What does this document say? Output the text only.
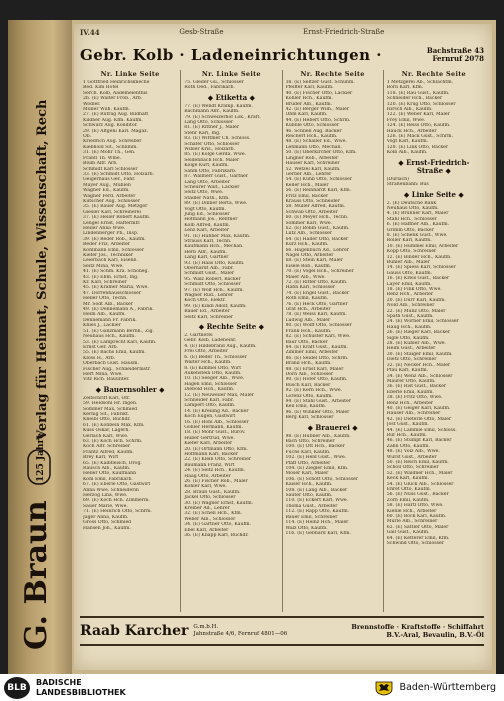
G. Braun
125 Jahre
Verlag für Heimat, Schule, Wissenschaft, Recht, Wirtschaft	IV.44	Gesb-Straße	Ernst-Friedrich-Straße
Gebr. Kolb · Ladeneinrichtungen ·	Bachstraße 43
Fernruf 2078
Nr. Linke Seite
1 Gottfried Heinrichskneche
Bed. Kim Hotel
Serch. Kolb, Aademeienthis
2b. (E) Walter Fröb., Arb.
Wodler.
Müller Wilh. Kaufm.
27. (E) Rufrag Aug. Bildhaft
Kildner Aug. Kfm. Kaufm.
Schwarz Aug. Konditor.
29. (E) Altgeni Karl. Magaz.
Ob.
Kriedrich Aug. Schreiber
Kiebhold Sit., Schlimm.
31. (E) Mohr Th., Gen.
Frantl Th. Wme.
Blum Alfr. Arb.
Schmidt Karl Schlosser
33. (E) Schmidt Otto, Holzarb.
Geigerhaus Ger., Fahr.
Mayer Aug., Mühlen
Wagner Ed., Kaufm.
Wagner Ferd. Arbeiter
Kutscher Aug. Schlosser
35. (E) Bauer Aug. Metzger
Giesler Karl, Schreinerei
37. (E) Heiler Robert Kaufm.
Lengel Ernst, Haftermfr.
Heiler Anna Wwe.
Lindenberger Ph., Insp.
39. (E) Beder Rob., Kaufm.
Beder Friz, Arbeiter
Kohlmann Emil, Schlosser
Kiefer Jos., Techniker
Leierbach Karl, Eisenb.
Seitz Mina, Wwe.
41. (E) Schm. Kra. Schöneg.
43. (E) Ehm. Ernst, Ing.
Kr. Karl, Schreiner
45. (E) Krämer Maria, Wwe.
47. Dörrenhausschlosser
Heller Otto, Techn.
Mr. Sodt Alb., Bäcker
49. (E) Dennemann A., Fabrik.
Heim Alb., Kaufm.
Dennemann Fr. Fabrik.
Knies J., Lackier
51. (E) Ganzmann Bernh., Zig.
Neuhaus Hch., Kaufm.
53. (E) Lamprecht Karl, Kaufm.
Ernst Ger. Arb.
55. (E) Bachs Emil, Kaufm.
Kloss H., Arb.
Oberbach Gust. Hausm.
Fischer Aug., Schneidermstr.
Hert Mina, Wwe.
Vitz Rich. Bauunter.
◆ Bauernsohler ◆
Zeitschrift Karl, Ofr.
59. Heldsohl Hr. Ingen.
Sommer Max, Schmied
Kernig Sit., Fabrikt.
Kneibl Otto, Buchdr.
61. (E) Kohbein Max, Kfm.
Kuss Oskar, Lagerh.
Gerlach Karl, Wwe.
63. (E) Koch Hch. Schrm.
Koch Alfr. Schreiner
Frantz Alfred, Kaufm.
Brey Karl, Wirt
65. (E) Kalbfleisch, Drog.
Rausch Alb., Kaufm.
Heller Otto, Kaufmann
Kohl Emil, Fabrikarb.
67. (E) Eberle Otto, Gastwirt
Anna Wwe. Schneiderin
Herzog Lina, Wwe.
69. (E) Koch Hch. Zimmerm.
Sauer Marie, Wwe.
71. (E) Heinrich Otto, Schrm.
Jäger Anna, Kaufm.
Gross Otto, Schmied
Hansen Joh., Kaufm.
Nr. Linke Seite
75. Gleder Gu., Schlosser
Roth Oed., Fabrikarb.
◆ Etiketta ◆
77. (E) Wendt Kramp. Kaufm.
Bachmann Alfr., Kaufm.
79. (E) Schweizerhof Lok., Kraft.
Lang Otto, Schlosser
81. (E) Rittner J., Maler
Stehr Karl, Ing.
83. (E) Wittmer Ch. Schloss.
Schäfer Otto, Schlosser
Wibler Kris., Holzarb.
85. (E) Kölge Gerda, Wwe.
Seidenbach Hch. Maler
Kölge Kurt, Kaufm.
Sahm Otto, Fabrikarb.
87. Wallherr Gust., Gärtner
Lang Otto, Arbeiter
Scheurer Walt., Lackier
Seitz Otto, Wwe.
Stadler Nath., Kfm.
89. (E) Dinner Berta, Wwe.
Vogt Otto, Kaufm.
Jung Ed., Schlosser
Hofmann Jos., Rentner
Kolb Alfred, Kaufm.
Lenz Karl, Arbeiter
91. (E) Hühner Max, Kaufm.
Strauss Karl, Techn.
Kaufmann Hch., Mechan.
Herb Alfr., Kaufm.
Lang Karl, Gärtner
93. (E) Haas Otto, Kaufm.
Oberhardt Alb., Fabr.
Schmidt Gust., Maler
95. Walz Robert, Bäcker
Schmidt Otto, Schlosser
97. (E) Wolf Hch., Kaufm.
Wagner Rud., Lehrer
Koch Otto, Elektr.
99. (E) Kindl Adolf, Kaufm.
Bauer Ed., Arbeiter
Seitz Karl, Schreiner
◆ Rechte Seite ◆
2. Gärtnerei
Gebr. Kolb, Ladeneinr.
4. (E) Hildebrand Aug., Kaufm.
Frei Otto, Arbeiter
6. (E) Beder Th., Schlosser
Walter Hch., Kaufm.
8. (E) Kimmel Otto, Wirt
Aukenstein Otto, Kaufm.
10. (E) Seeger Alb., Wwe.
Hagen Emil, Schlosser
Diebold Hch., Kaufm.
12. (E) Neuweiler Max, Maler
Schneider Karl, Fabr.
Lampert Otto, Kaufm.
14. (E) Kreiling Ad., Bäcker
Koch Eugen, Gastwirt
16. (E) Hohl Alb., Schlosser
Göhler Hermann, Kaufm.
18. (E) Mohr Gust., Bürov.
Huber Gertrud, Wwe.
Kiefer Karl, Arbeiter
20. (E) Ortmann Otto, Kfm.
Hoffmann Karl, Bäcker
22. (E) Klein Otto, Schreiner
Baumann Franz, Wirt
24. (E) Seitz Hch., Kaufm.
Haag Otto, Arbeiter
26. (E) Fischer Rob., Maler
Kohler Karl, Wwe.
28. Braun Gust., Kaufm.
Jäckel Otto, Schlosser
30. (E) Wagner Ernst, Kaufm.
Kremer Ad., Lehrer
32. (E) Schell Hch., Kfm.
Weber Alb., Schlosser
34. (E) Gärtner Otto, Kaufm.
Ebel Karl, Arbeiter
36. (E) Knapp Karl, Buchdr.
Nr. Rechte Seite
38. (E) Seltzer Gust. Schuhm.
Pfeiffer Karl, Kaufm.
40. (E) Fischer Otto, Lackier
Köhler Hch., Kaufm.
Bruder Alb., Kaufm.
42. (E) Berger Wilh., Maler
Ohm Karl, Kaufm.
44. (E) Hebert Otto, Schrm.
Kühnle Otto, Schlosser
46. Schnell Aug. Bäcker
Reichert Hch., Kaufm.
48. (E) Schaller Ed., Wwe.
Lehmann Otto, Mechan.
50. (E) Oberkircher Otto, Kfm.
Lingner Rob., Arbeiter
Hauser Karl, Schreiner
52. Wetzel Karl, Kaufm.
Gerber Alb., Lehrer
54. (E) Kuhn Otto, Schlosser
Keller Hch., Maler
56. (E) Reinhardt Karl, Kfm.
Fritz Emil, Bäcker
Krauss Otto, Schneider
58. Müller Alfred, Kaufm.
Schwab Otto, Arbeiter
60. (E) Meyer Hch., Techn.
Sommer Karl, Wwe.
62. (E) Böhm Gust., Kaufm.
Lutz Alb., Schlosser
64. (E) Haller Otto, Bäcker
Kurz Hch., Kaufm.
66. Hagenbuch Ad., Lehrer
Nagel Otto, Arbeiter
68. (E) Stein Karl, Maler
Eisele Rob., Kaufm.
70. (E) Vogel Hch., Schreiner
Maier Alb., Wwe.
72. (E) Ritter Otto, Kaufm.
Hahn Karl, Schlosser
74. (E) Engel Gust., Bäcker
Roth Emil, Kaufm.
76. (E) Heck Otto, Gärtner
Graf Hch., Arbeiter
78. (E) Weiss Karl, Kaufm.
Ludwig Alb., Maler
80. (E) Wolff Otto, Schlosser
Frank Hch., Kaufm.
82. (E) Schuster Karl, Wwe.
Baur Otto, Bäcker
84. (E) Kraft Gust., Kaufm.
Zimmer Emil, Arbeiter
86. (E) Seidel Otto, Schrm.
Brand Hch., Kaufm.
88. (E) Ernst Karl, Maler
Dorn Alb., Schlosser
90. (E) Hofer Otto, Kaufm.
Busch Karl, Bäcker
92. (E) Kern Hch., Wwe.
Lorenz Otto, Kaufm.
94. (E) Stahl Gust., Arbeiter
Keil Emil, Kaufm.
96. (E) Winkler Otto, Maler
Berg Karl, Schlosser
◆ Brauerei ◆
98. (E) Hübner Alb., Kaufm.
Bach Otto, Schreiner
100. (E) Ott Hch., Bäcker
Fuchs Karl, Kaufm.
102. (E) Held Gust., Wwe.
Pfaff Otto, Arbeiter
104. (E) Ziegler Emil, Kfm.
Moser Karl, Maler
106. (E) Schott Otto, Schlosser
Kaiser Hch., Kaufm.
108. (E) Lang Alb., Bäcker
Sauter Otto, Kaufm.
110. (E) Eckert Karl, Wwe.
Thoma Gust., Arbeiter
112. (E) Rapp Otto, Kaufm.
Bauer Emil, Schreiner
114. (E) Heinz Hch., Maler
Walz Otto, Kaufm.
116. (E) Gebhard Karl, Kfm.
Nr. Rechte Seite
1 Metzgerei Ab., Schlachtm.
Born Karl, Kfm.
118. (E) Rau Gust., Kaufm.
Schneider Hch., Bäcker
120. (E) Krug Otto, Schlosser
Hirsch Alb., Kaufm.
122. (E) Weber Karl, Maler
Frey Emil, Wwe.
124. (E) Reiss Otto, Kaufm.
Hauck Hch., Arbeiter
126. (E) Mack Gust., Schrm.
Vogt Karl, Kaufm.
128. (E) Link Otto, Bäcker
Kolb Alb., Kaufm.
◆ Ernst-Friedrich-Straße ◆
(Durlach)
Straßenbahn: Bus
◆ Linke Seite ◆
2. (E) Deutsche Bank
Neuhaus Otto, Kaufm.
4. (E) Brunner Karl, Maler
Stahl Hch., Schlosser
6. (E) Haffner Alb., Kaufm.
Grimm Otto, Bäcker
8. (E) Schenk Gust., Wwe.
Roller Karl, Kaufm.
10. (E) Hummel Emil, Arbeiter
Kopp Otto, Schreiner
12. (E) Binder Hch., Kaufm.
Bühler Alb., Maler
14. (E) Spiess Karl, Schlosser
Gauss Otto, Kaufm.
16. (E) Kreis Gust., Bäcker
Layer Emil, Kaufm.
18. (E) Fink Otto, Wwe.
Renz Hch., Arbeiter
20. (E) Dürr Karl, Kaufm.
Nold Alb., Schreiner
22. (E) Munz Otto, Maler
Späth Gust., Kaufm.
24. (E) Wörner Emil, Schlosser
Haug Hch., Kaufm.
26. (E) Rieger Karl, Bäcker
Sigle Otto, Kaufm.
28. (E) Kübler Alb., Wwe.
Heim Gust., Arbeiter
30. (E) Staiger Emil, Kaufm.
Dietz Otto, Schreiner
32. (E) Necker Hch., Maler
Pfau Karl, Kaufm.
34. (E) Wenz Alb., Schlosser
Maurer Otto, Kaufm.
36. (E) Rist Gust., Bäcker
Eberle Emil, Kaufm.
38. (E) Fritz Otto, Wwe.
Benz Hch., Arbeiter
40. (E) Geiger Karl, Kaufm.
Hauser Alb., Schreiner
42. (E) Dieterle Otto, Maler
Jost Gust., Kaufm.
44. (E) Lämmle Emil, Schloss.
Ruf Hch., Kaufm.
46. (E) Stumpf Karl, Bäcker
Zahn Otto, Kaufm.
48. (E) Volz Alb., Wwe.
Wurst Gust., Arbeiter
50. (E) Reich Emil, Kaufm.
Scholl Otto, Schreiner
52. (E) Waldner Hch., Maler
Keck Karl, Kaufm.
54. (E) Glück Alb., Schlosser
Ehret Otto, Kaufm.
56. (E) Nuss Gust., Bäcker
Zorn Emil, Kaufm.
58. (E) Hartl Otto, Wwe.
Kienle Hch., Arbeiter
60. (E) Böck Karl, Kaufm.
Mürle Alb., Schreiner
62. (E) Sattler Otto, Maler
Gall Gust., Kaufm.
64. (E) Ketterer Emil, Kfm.
Schwind Otto, Schlosser
Raab Karcher G.m.b.H.
Jahnstraße 4/6, Fernruf 4801—06
Brennstoffe · Kraftstoffe · Schiffahrt
B.V.-Aral, Bevaulin, B.V.-Öl
BLB	BADISCHE
LANDESBIBLIOTHEK	Baden-Württemberg
